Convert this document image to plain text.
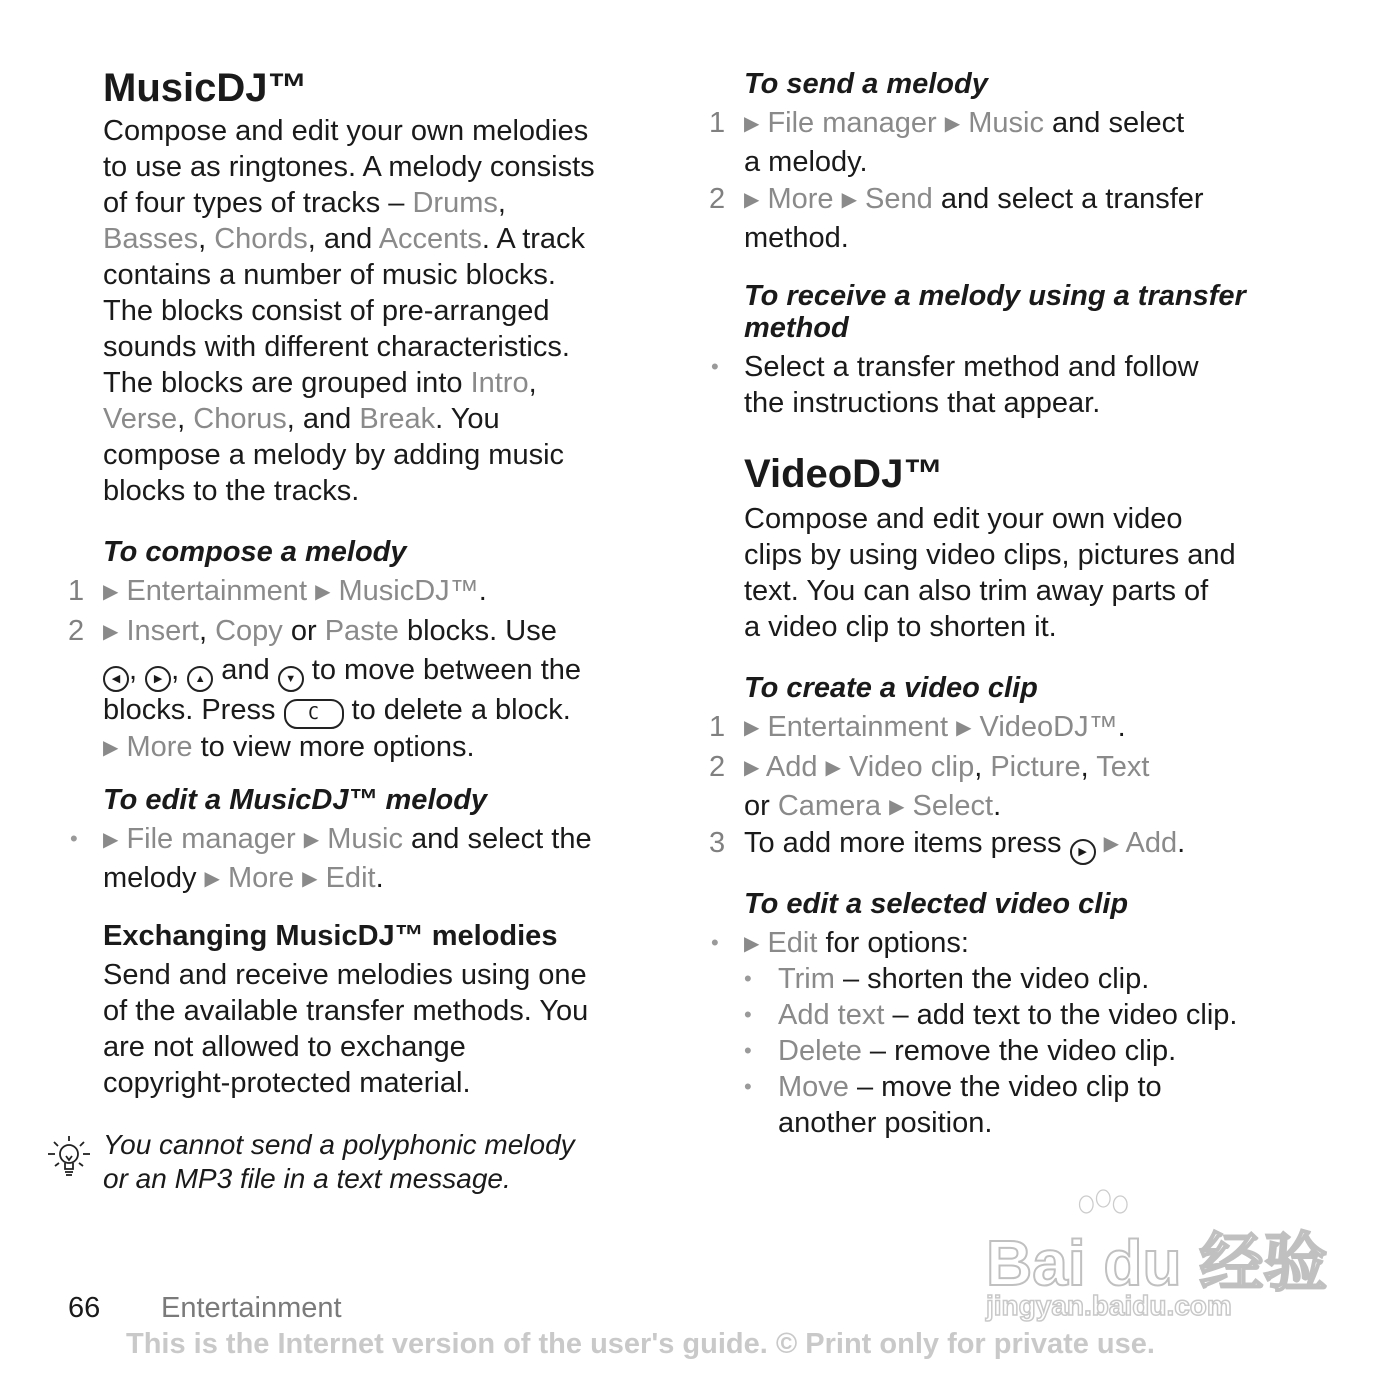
MusicDJ™
Compose and edit your own melodies
to use as ringtones. A melody consists
of four types of tracks – Drums,
Basses, Chords, and Accents. A track
contains a number of music blocks.
The blocks consist of pre-arranged
sounds with different characteristics.
The blocks are grouped into Intro,
Verse, Chorus, and Break. You
compose a melody by adding music
blocks to the tracks.
To compose a melody
1 ▶ Entertainment ▶ MusicDJ™.
2 ▶ Insert, Copy or Paste blocks. Use
◀ , ▶ , ▲ and ▼ to move between the
blocks. Press C to delete a block.
▶ More to view more options.
To edit a MusicDJ™ melody
• ▶ File manager ▶ Music and select the
melody ▶ More ▶ Edit.
Exchanging MusicDJ™ melodies
Send and receive melodies using one
of the available transfer methods. You
are not allowed to exchange
copyright-protected material.
You cannot send a polyphonic melody
or an MP3 file in a text message.
To send a melody
1 ▶ File manager ▶ Music and select
a melody.
2 ▶ More ▶ Send and select a transfer
method.
To receive a melody using a transfer
method
• Select a transfer method and follow
the instructions that appear.
VideoDJ™
Compose and edit your own video
clips by using video clips, pictures and
text. You can also trim away parts of
a video clip to shorten it.
To create a video clip
1 ▶ Entertainment ▶ VideoDJ™.
2 ▶ Add ▶ Video clip, Picture, Text
or Camera ▶ Select.
3 To add more items press ▶ ▶ Add.
To edit a selected video clip
• ▶ Edit for options:
• Trim – shorten the video clip.
• Add text – add text to the video clip.
• Delete – remove the video clip.
• Move – move the video clip to
another position.
66 Entertainment
This is the Internet version of the user's guide. © Print only for private use.
Bai du 经验
jingyan.baidu.com
